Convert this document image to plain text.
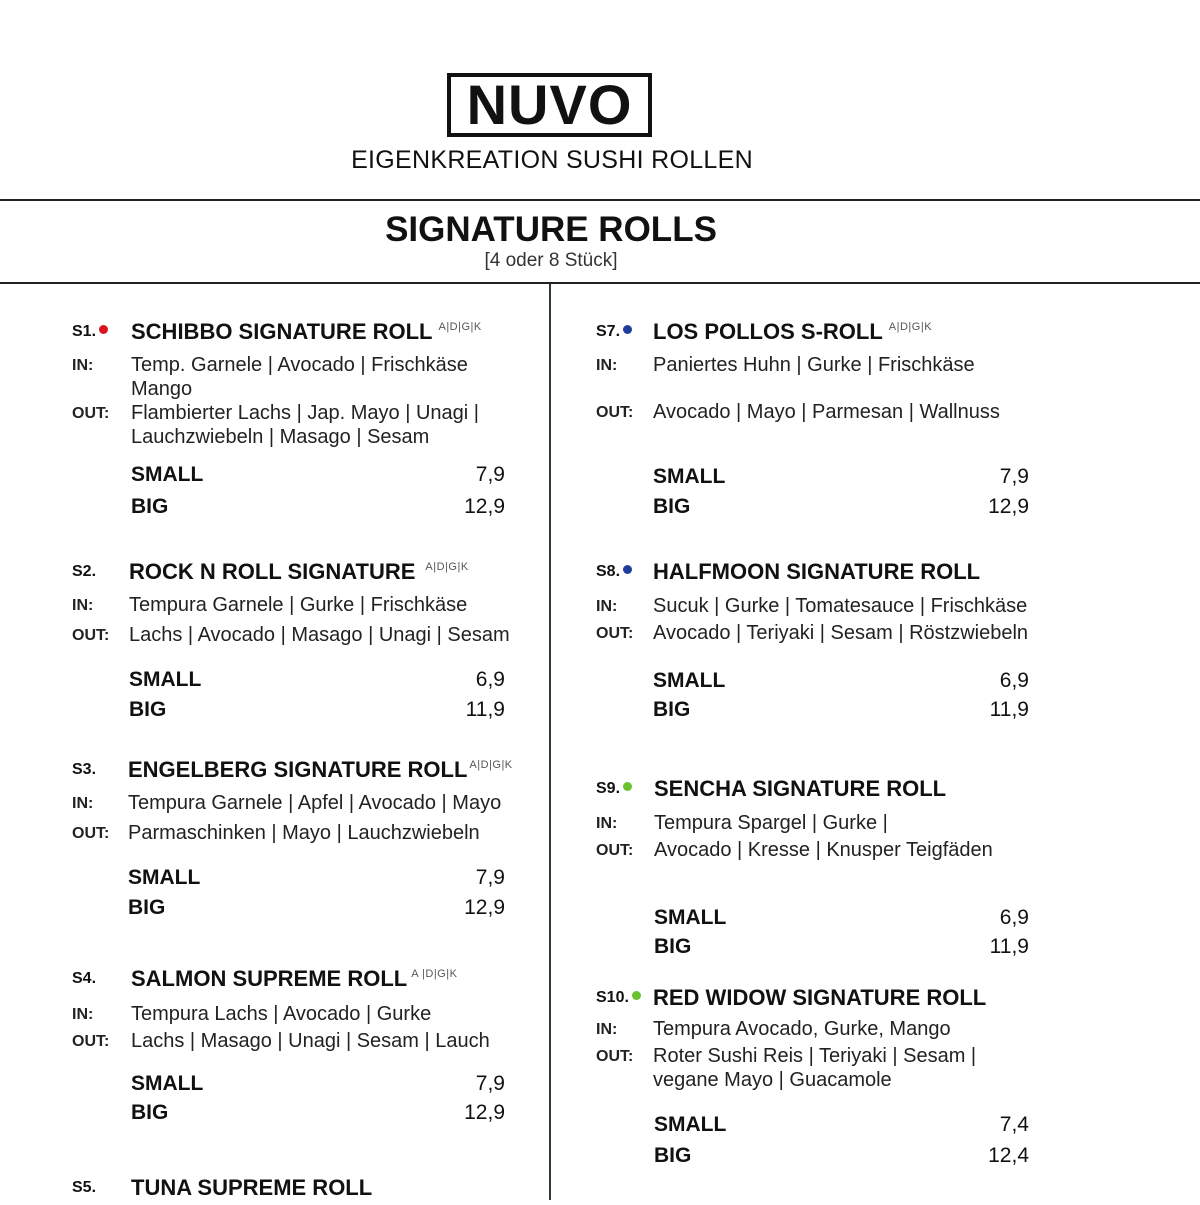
NUVO
EIGENKREATION SUSHI ROLLEN
SIGNATURE ROLLS
[4 oder 8 Stück]
S1.	SCHIBBO SIGNATURE ROLL $^{A|D|G|K}$
IN: Temp. Garnele | Avocado | Frischkäse Mango
OUT: Flambierter Lachs | Jap. Mayo | Unagi | Lauchzwiebeln | Masago | Sesam
SMALL	7,9
BIG	12,9
S2. ROCK N ROLL SIGNATURE $^{A|D|G|K}$
IN: Tempura Garnele | Gurke | Frischkäse
OUT: Lachs | Avocado | Masago | Unagi | Sesam
SMALL	6,9
BIG	11,9
S3. ENGELBERG SIGNATURE ROLL $^{A|D|G|K}$
IN: Tempura Garnele | Apfel | Avocado | Mayo
OUT: Parmaschinken | Mayo | Lauchzwiebeln
SMALL	7,9
BIG	12,9
S4. SALMON SUPREME ROLL $^{A |D|G|K}$
IN: Tempura Lachs | Avocado | Gurke
OUT: Lachs | Masago | Unagi | Sesam | Lauch
SMALL	7,9
BIG	12,9
S5. TUNA SUPREME ROLL
S7.	LOS POLLOS S-ROLL $^{A|D|G|K}$
IN: Paniertes Huhn | Gurke | Frischkäse
OUT: Avocado | Mayo | Parmesan | Wallnuss
SMALL	7,9
BIG	12,9
S8.	HALFMOON SIGNATURE ROLL
IN: Sucuk | Gurke | Tomatesauce | Frischkäse
OUT: Avocado | Teriyaki | Sesam | Röstzwiebeln
SMALL	6,9
BIG	11,9
S9.	SENCHA SIGNATURE ROLL
IN: Tempura Spargel | Gurke |
OUT: Avocado | Kresse | Knusper Teigfäden
SMALL	6,9
BIG	11,9
S10.	RED WIDOW SIGNATURE ROLL
IN: Tempura Avocado, Gurke, Mango
OUT: Roter Sushi Reis | Teriyaki | Sesam | vegane Mayo | Guacamole
SMALL	7,4
BIG	12,4
